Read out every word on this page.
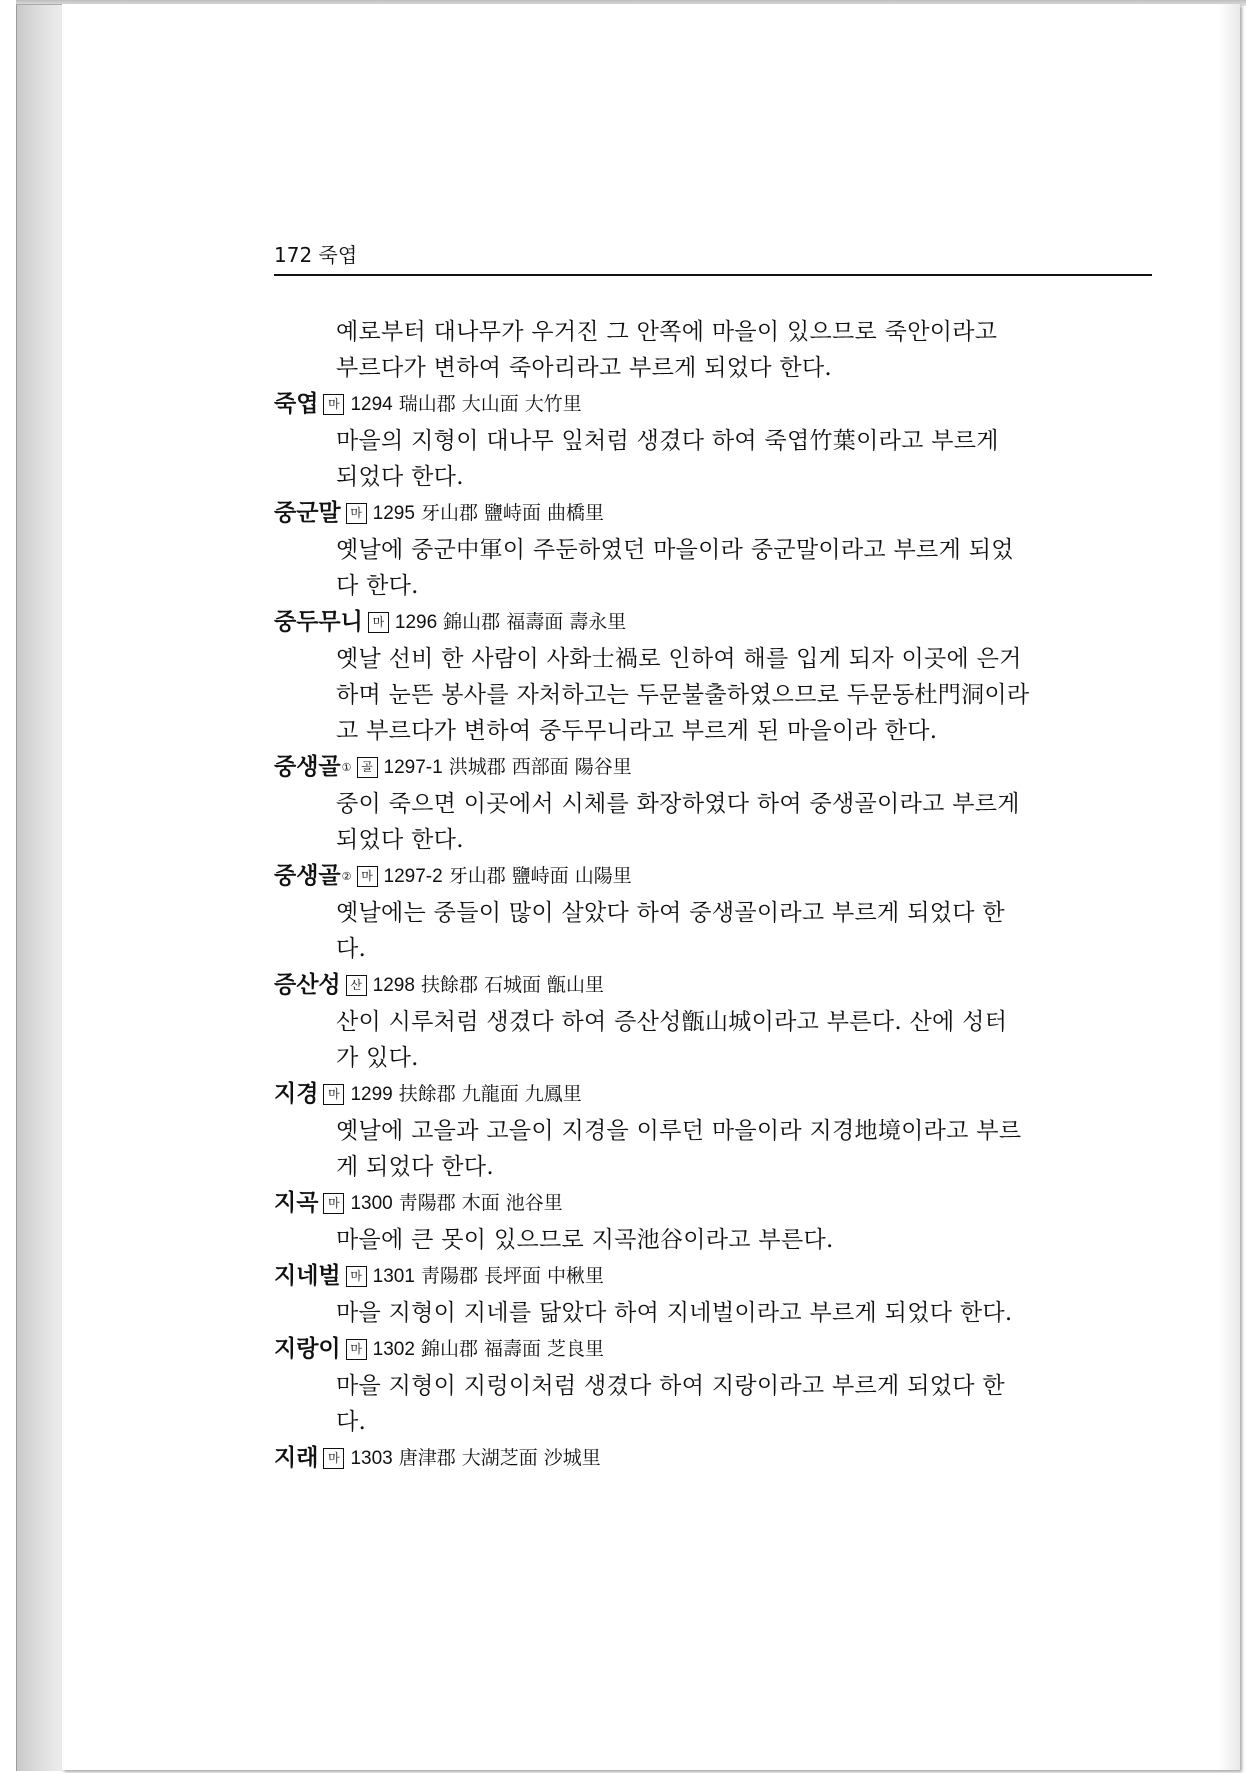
172 죽엽

예로부터 대나무가 우거진 그 안쪽에 마을이 있으므로 죽안이라고

부르다가 변하여 죽아리라고 부르게 되었다 한다.

죽엽 마 1294 瑞山郡 大山面 大竹里

마을의 지형이 대나무 잎처럼 생겼다 하여 죽엽竹葉이라고 부르게

되었다 한다.

중군말 마 1295 牙山郡 鹽峙面 曲橋里

옛날에 중군中軍이 주둔하였던 마을이라 중군말이라고 부르게 되었

다 한다.

중두무니 마 1296 錦山郡 福壽面 壽永里

옛날 선비 한 사람이 사화士禍로 인하여 해를 입게 되자 이곳에 은거

하며 눈뜬 봉사를 자처하고는 두문불출하였으므로 두문동杜門洞이라

고 부르다가 변하여 중두무니라고 부르게 된 마을이라 한다.

중생골 ① 골 1297-1 洪城郡 西部面 陽谷里

중이 죽으면 이곳에서 시체를 화장하였다 하여 중생골이라고 부르게

되었다 한다.

중생골 ② 마 1297-2 牙山郡 鹽峙面 山陽里

옛날에는 중들이 많이 살았다 하여 중생골이라고 부르게 되었다 한

다.

증산성 산 1298 扶餘郡 石城面 甑山里

산이 시루처럼 생겼다 하여 증산성甑山城이라고 부른다. 산에 성터

가 있다.

지경 마 1299 扶餘郡 九龍面 九鳳里

옛날에 고을과 고을이 지경을 이루던 마을이라 지경地境이라고 부르

게 되었다 한다.

지곡 마 1300 靑陽郡 木面 池谷里

마을에 큰 못이 있으므로 지곡池谷이라고 부른다.

지네벌 마 1301 靑陽郡 長坪面 中楸里

마을 지형이 지네를 닮았다 하여 지네벌이라고 부르게 되었다 한다.

지랑이 마 1302 錦山郡 福壽面 芝良里

마을 지형이 지렁이처럼 생겼다 하여 지랑이라고 부르게 되었다 한

다.

지래 마 1303 唐津郡 大湖芝面 沙城里
